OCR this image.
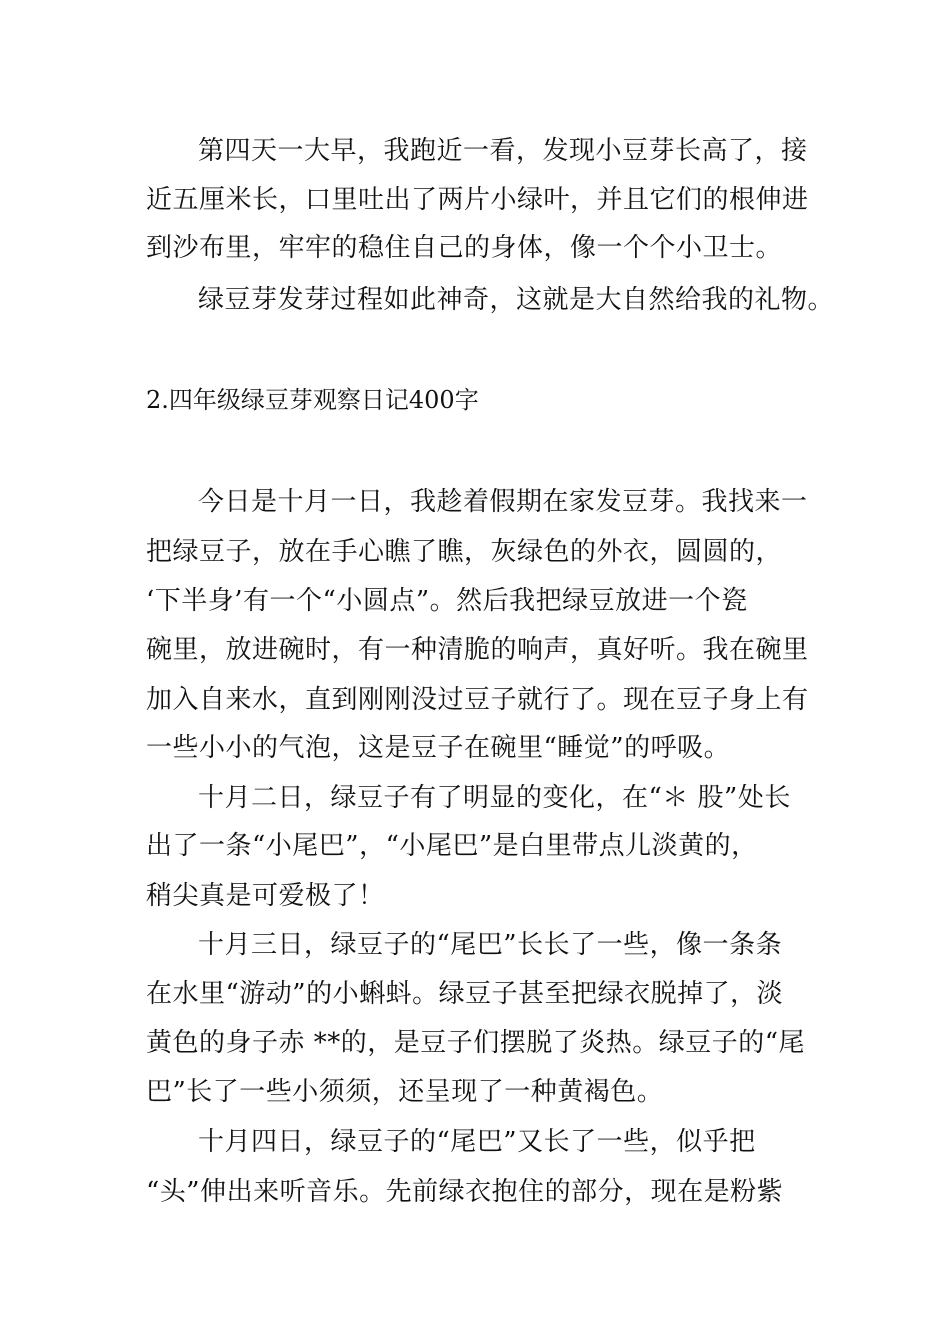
第四天一大早，我跑近一看，发现小豆芽长高了，接
近五厘米长，口里吐出了两片小绿叶，并且它们的根伸进
到沙布里，牢牢的稳住自己的身体，像一个个小卫士。
绿豆芽发芽过程如此神奇，这就是大自然给我的礼物。
2.四年级绿豆芽观察日记400字
今日是十月一日，我趁着假期在家发豆芽。我找来一
把绿豆子，放在手心瞧了瞧，灰绿色的外衣，圆圆的，
‘下半身’有一个“小圆点”。然后我把绿豆放进一个瓷
碗里，放进碗时，有一种清脆的响声，真好听。我在碗里
加入自来水，直到刚刚没过豆子就行了。现在豆子身上有
一些小小的气泡，这是豆子在碗里“睡觉”的呼吸。
十月二日，绿豆子有了明显的变化，在“＊ 股”处长
出了一条“小尾巴”，“小尾巴”是白里带点儿淡黄的，
稍尖真是可爱极了！
十月三日，绿豆子的“尾巴”长长了一些，像一条条
在水里“游动”的小蝌蚪。绿豆子甚至把绿衣脱掉了，淡
黄色的身子赤 **的，是豆子们摆脱了炎热。绿豆子的“尾
巴”长了一些小须须，还呈现了一种黄褐色。
十月四日，绿豆子的“尾巴”又长了一些，似乎把
“头”伸出来听音乐。先前绿衣抱住的部分，现在是粉紫
